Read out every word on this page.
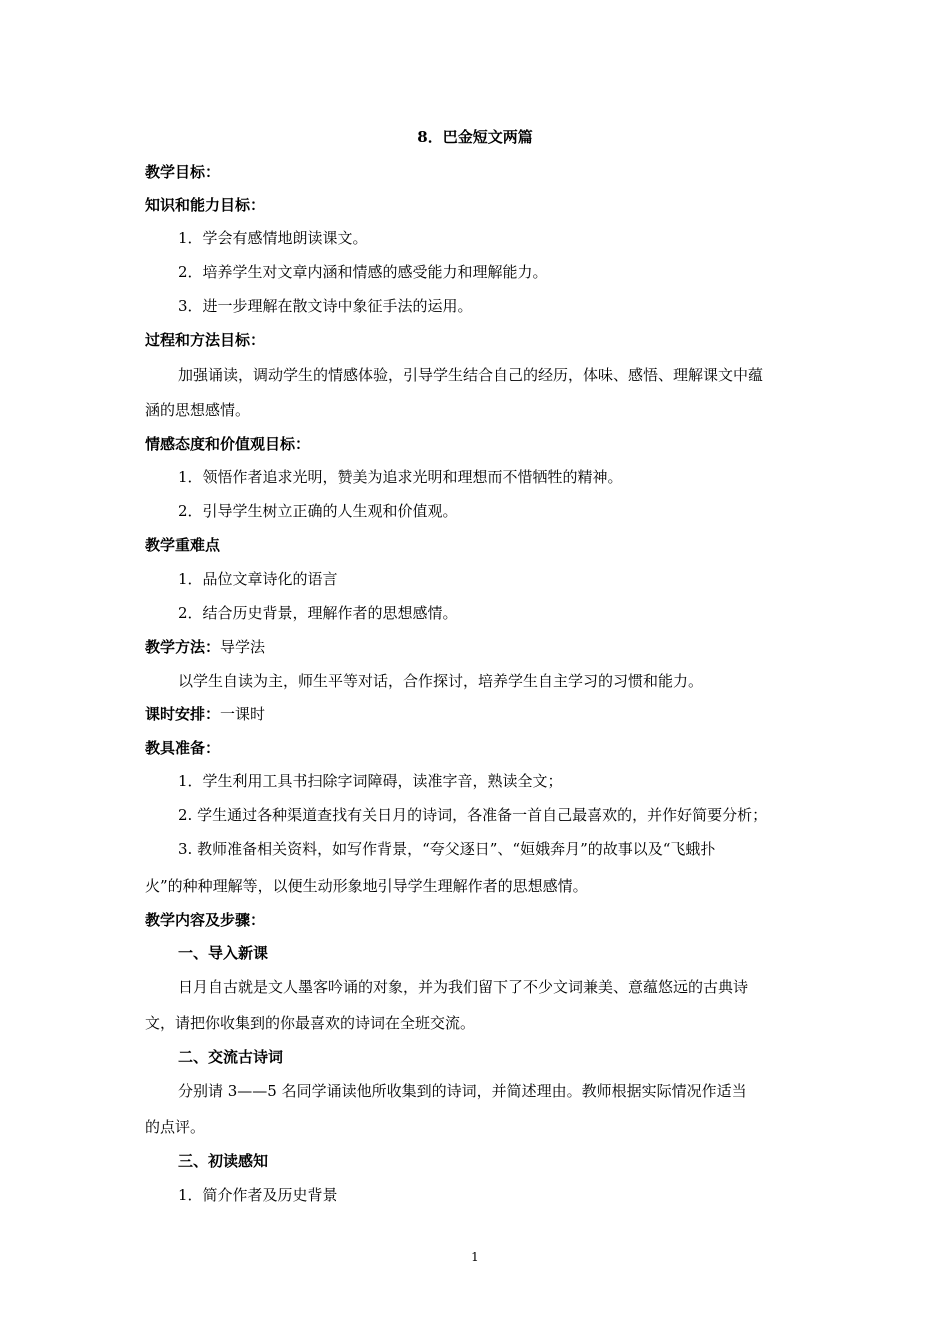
8．巴金短文两篇
教学目标：
知识和能力目标：
1．学会有感情地朗读课文。
2．培养学生对文章内涵和情感的感受能力和理解能力。
3．进一步理解在散文诗中象征手法的运用。
过程和方法目标：
加强诵读，调动学生的情感体验，引导学生结合自己的经历，体味、感悟、理解课文中蕴
涵的思想感情。
情感态度和价值观目标：
1．领悟作者追求光明，赞美为追求光明和理想而不惜牺牲的精神。
2．引导学生树立正确的人生观和价值观。
教学重难点
1．品位文章诗化的语言
2．结合历史背景，理解作者的思想感情。
教学方法：导学法
以学生自读为主，师生平等对话，合作探讨，培养学生自主学习的习惯和能力。
课时安排：一课时
教具准备：
1．学生利用工具书扫除字词障碍，读准字音，熟读全文；
2. 学生通过各种渠道查找有关日月的诗词，各准备一首自己最喜欢的，并作好简要分析；
3. 教师准备相关资料，如写作背景，“夸父逐日”、“姮娥奔月”的故事以及“飞蛾扑
火”的种种理解等，以便生动形象地引导学生理解作者的思想感情。
教学内容及步骤：
一、导入新课
日月自古就是文人墨客吟诵的对象，并为我们留下了不少文词兼美、意蕴悠远的古典诗
文，请把你收集到的你最喜欢的诗词在全班交流。
二、交流古诗词
分别请 3——5 名同学诵读他所收集到的诗词，并简述理由。教师根据实际情况作适当
的点评。
三、初读感知
1．简介作者及历史背景
1
